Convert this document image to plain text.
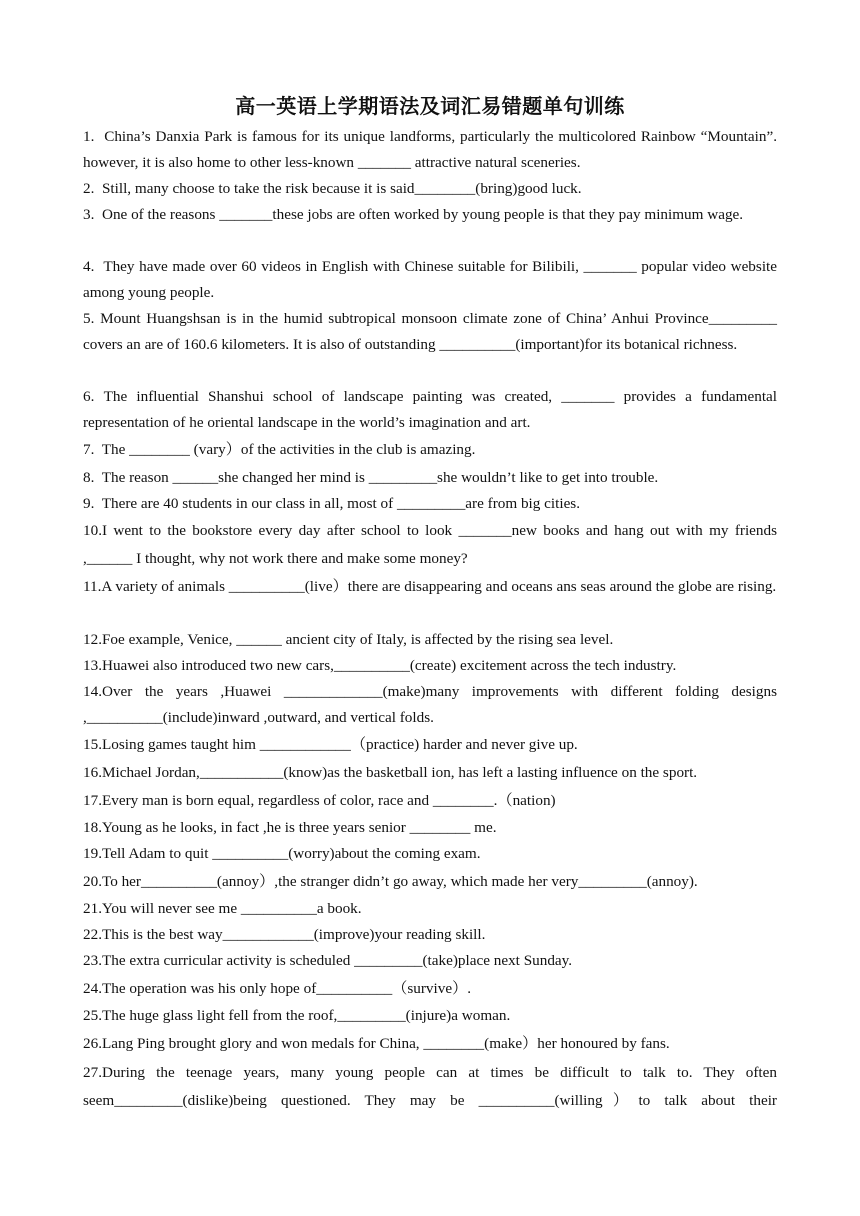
高一英语上学期语法及词汇易错题单句训练
1. China’s Danxia Park is famous for its unique landforms, particularly the multicolored Rainbow “Mountain”. however, it is also home to other less-known _______ attractive natural sceneries.
2. Still, many choose to take the risk because it is said________(bring)good luck.
3. One of the reasons _______these jobs are often worked by young people is that they pay minimum wage.
4. They have made over 60 videos in English with Chinese suitable for Bilibili, _______ popular video website among young people.
5. Mount Huangshsan is in the humid subtropical monsoon climate zone of China’ Anhui Province_________ covers an are of 160.6 kilometers. It is also of outstanding __________(important)for its botanical richness.
6. The influential Shanshui school of landscape painting was created, _______ provides a fundamental representation of he oriental landscape in the world’s imagination and art.
7. The ________ (vary）of the activities in the club is amazing.
8. The reason ______she changed her mind is _________she wouldn’t like to get into trouble.
9. There are 40 students in our class in all, most of _________are from big cities.
10.I went to the bookstore every day after school to look _______new books and hang out with my friends ,______ I thought, why not work there and make some money?
11.A variety of animals __________(live）there are disappearing and oceans ans seas around the globe are rising.
12.Foe example, Venice, ______ ancient city of Italy, is affected by the rising sea level.
13.Huawei also introduced two new cars,__________(create) excitement across the tech industry.
14.Over the years ,Huawei _____________(make)many improvements with different folding designs ,__________(include)inward ,outward, and vertical folds.
15.Losing games taught him ____________（practice) harder and never give up.
16.Michael Jordan,___________(know)as the basketball ion, has left a lasting influence on the sport.
17.Every man is born equal, regardless of color, race and ________.（nation)
18.Young as he looks, in fact ,he is three years senior ________ me.
19.Tell Adam to quit __________(worry)about the coming exam.
20.To her__________(annoy）,the stranger didn’t go away, which made her very_________(annoy).
21.You will never see me __________a book.
22.This is the best way____________(improve)your reading skill.
23.The extra curricular activity is scheduled _________(take)place next Sunday.
24.The operation was his only hope of__________（survive）.
25.The huge glass light fell from the roof,_________(injure)a woman.
26.Lang Ping brought glory and won medals for China, ________(make）her honoured by fans.
27.During the teenage years, many young people can at times be difficult to talk to. They often seem_________(dislike)being questioned. They may be __________(willing）to talk about their
